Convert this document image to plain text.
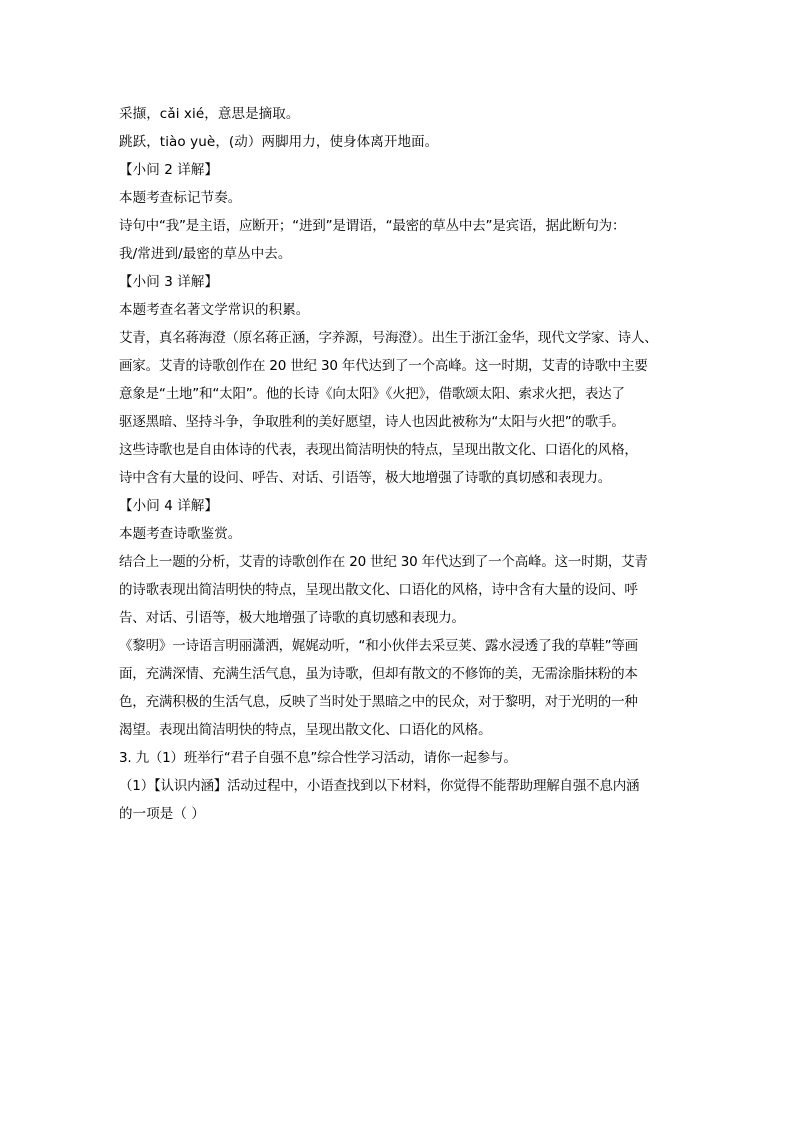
采撷，cǎi xié，意思是摘取。
跳跃，tiào yuè，(动）两脚用力，使身体离开地面。
【小问 2 详解】
本题考查标记节奏。
诗句中“我”是主语，应断开；“进到”是谓语，“最密的草丛中去”是宾语，据此断句为：
我/常进到/最密的草丛中去。
【小问 3 详解】
本题考查名著文学常识的积累。
艾青，真名蒋海澄（原名蒋正涵，字养源，号海澄）。出生于浙江金华，现代文学家、诗人、
画家。艾青的诗歌创作在 20 世纪 30 年代达到了一个高峰。这一时期，艾青的诗歌中主要
意象是“土地”和“太阳”。他的长诗《向太阳》《火把》，借歌颂太阳、索求火把，表达了
驱逐黑暗、坚持斗争，争取胜利的美好愿望，诗人也因此被称为“太阳与火把”的歌手。
这些诗歌也是自由体诗的代表，表现出简洁明快的特点，呈现出散文化、口语化的风格，
诗中含有大量的设问、呼告、对话、引语等，极大地增强了诗歌的真切感和表现力。
【小问 4 详解】
本题考查诗歌鉴赏。
结合上一题的分析，艾青的诗歌创作在 20 世纪 30 年代达到了一个高峰。这一时期，艾青
的诗歌表现出简洁明快的特点，呈现出散文化、口语化的风格，诗中含有大量的设问、呼
告、对话、引语等，极大地增强了诗歌的真切感和表现力。
《黎明》一诗语言明丽潇洒，娓娓动听，“和小伙伴去采豆荚、露水浸透了我的草鞋”等画
面，充满深情、充满生活气息，虽为诗歌，但却有散文的不修饰的美，无需涂脂抹粉的本
色，充满积极的生活气息，反映了当时处于黑暗之中的民众，对于黎明，对于光明的一种
渴望。表现出简洁明快的特点，呈现出散文化、口语化的风格。
3. 九（1）班举行“君子自强不息”综合性学习活动，请你一起参与。
（1）【认识内涵】活动过程中，小语查找到以下材料，你觉得不能帮助理解自强不息内涵
的一项是（ ）
